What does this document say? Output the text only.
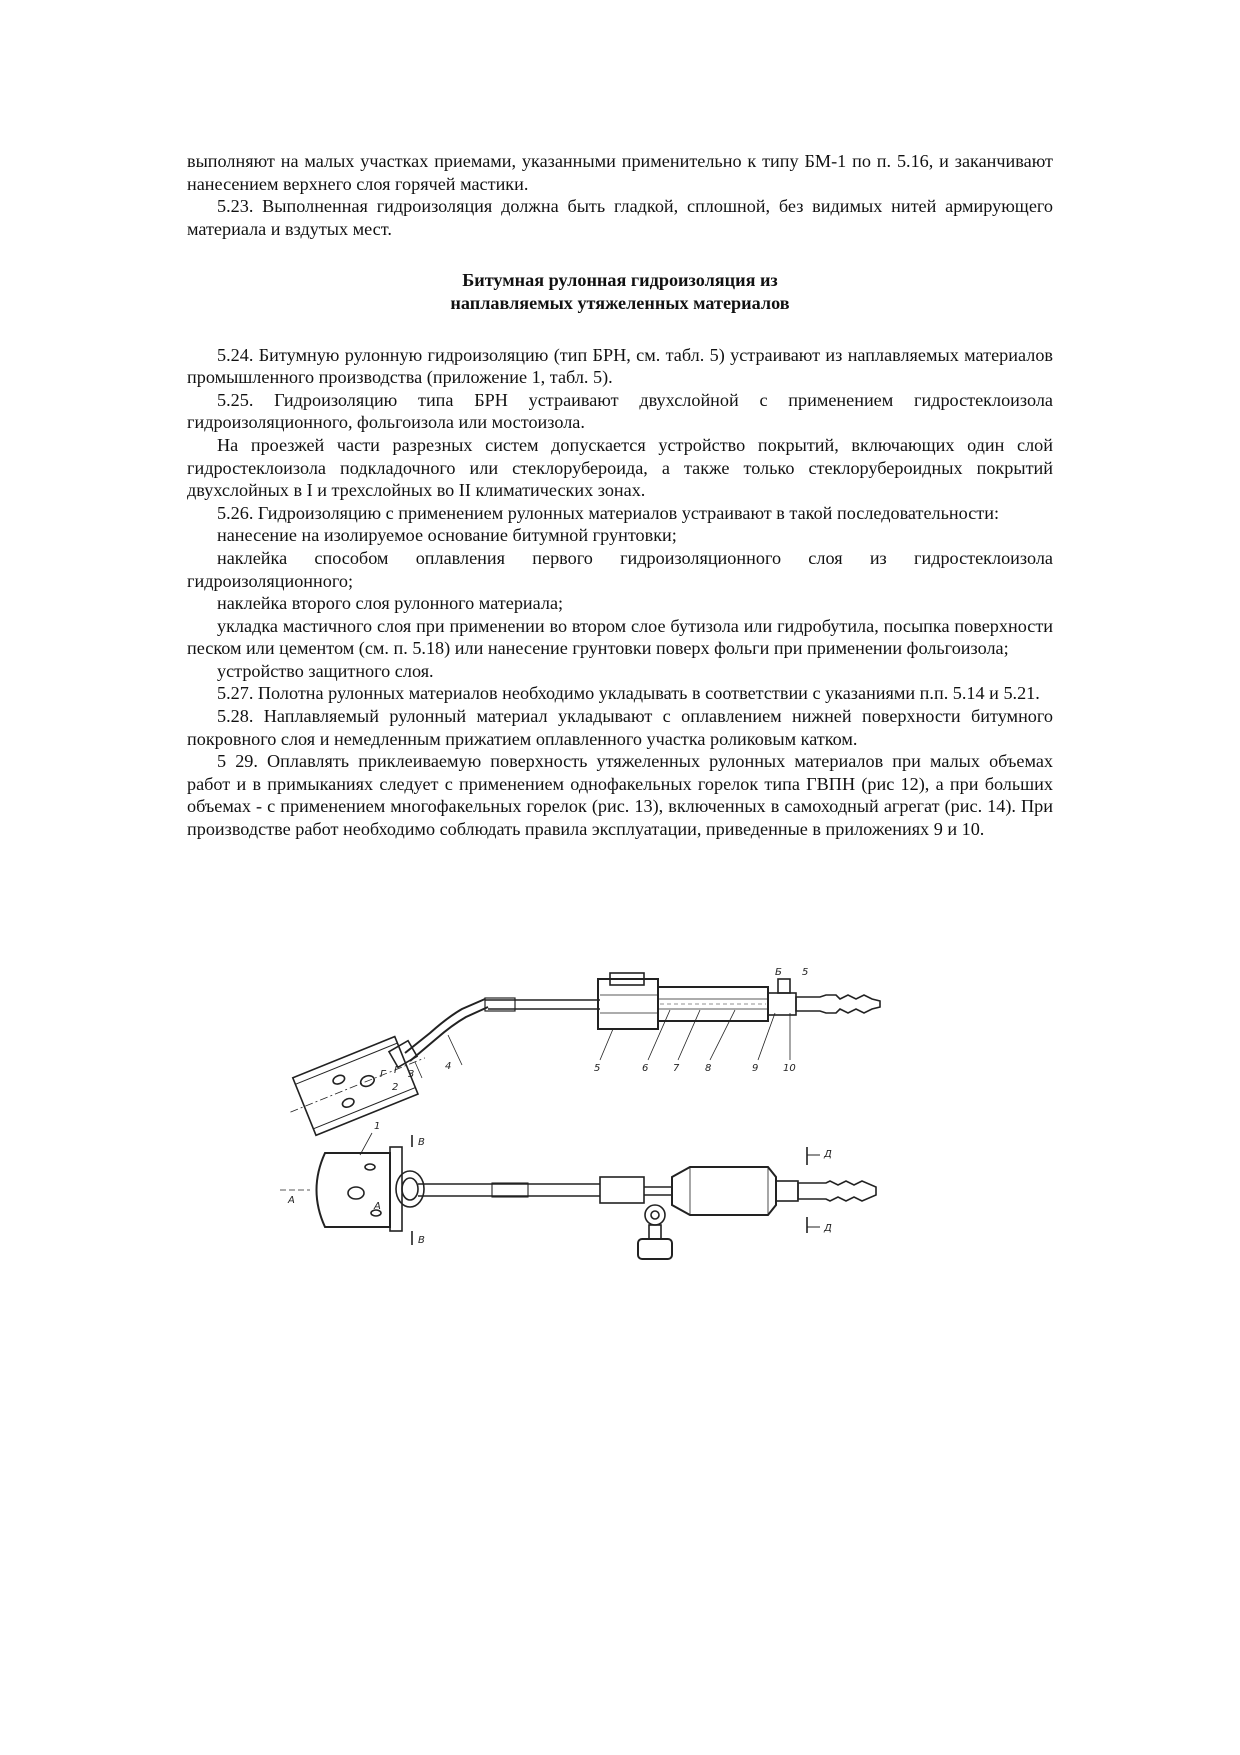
выполняют на малых участках приемами, указанными применительно к типу БМ-1 по п. 5.16, и заканчивают нанесением верхнего слоя горячей мастики.

5.23. Выполненная гидроизоляция должна быть гладкой, сплошной, без видимых нитей армирующего материала и вздутых мест.

Битумная рулонная гидроизоляция из
наплавляемых утяжеленных материалов

5.24. Битумную рулонную гидроизоляцию (тип БРН, см. табл. 5) устраивают из наплавляемых материалов промышленного производства (приложение 1, табл. 5).

5.25. Гидроизоляцию типа БРН устраивают двухслойной с применением гидростеклоизола гидроизоляционного, фольгоизола или мостоизола.

На проезжей части разрезных систем допускается устройство покрытий, включающих один слой гидростеклоизола подкладочного или стеклорубероида, а также только стеклорубероидных покрытий двухслойных в I и трехслойных во II климатических зонах.

5.26. Гидроизоляцию с применением рулонных материалов устраивают в такой последовательности:

нанесение на изолируемое основание битумной грунтовки;

наклейка способом оплавления первого гидроизоляционного слоя из гидростеклоизола гидроизоляционного;

наклейка второго слоя рулонного материала;

укладка мастичного слоя при применении во втором слое бутизола или гидробутила, посыпка поверхности песком или цементом (см. п. 5.18) или нанесение грунтовки поверх фольги при применении фольгоизола;

устройство защитного слоя.

5.27. Полотна рулонных материалов необходимо укладывать в соответствии с указаниями п.п. 5.14 и 5.21.

5.28. Наплавляемый рулонный материал укладывают с оплавлением нижней поверхности битумного покровного слоя и немедленным прижатием оплавленного участка роликовым катком.

5 29. Оплавлять приклеиваемую поверхность утяжеленных рулонных материалов при малых объемах работ и в примыканиях следует с применением однофакельных горелок типа ГВПН (рис 12), а при больших объемах - с применением многофакельных горелок (рис. 13), включенных в самоходный агрегат (рис. 14). При производстве работ необходимо соблюдать правила эксплуатации, приведенные в приложениях 9 и 10.

4
3
2
Г
Г
5	6 7	8	9 10
Б 5
1
А
А
В
В
Д
Д
